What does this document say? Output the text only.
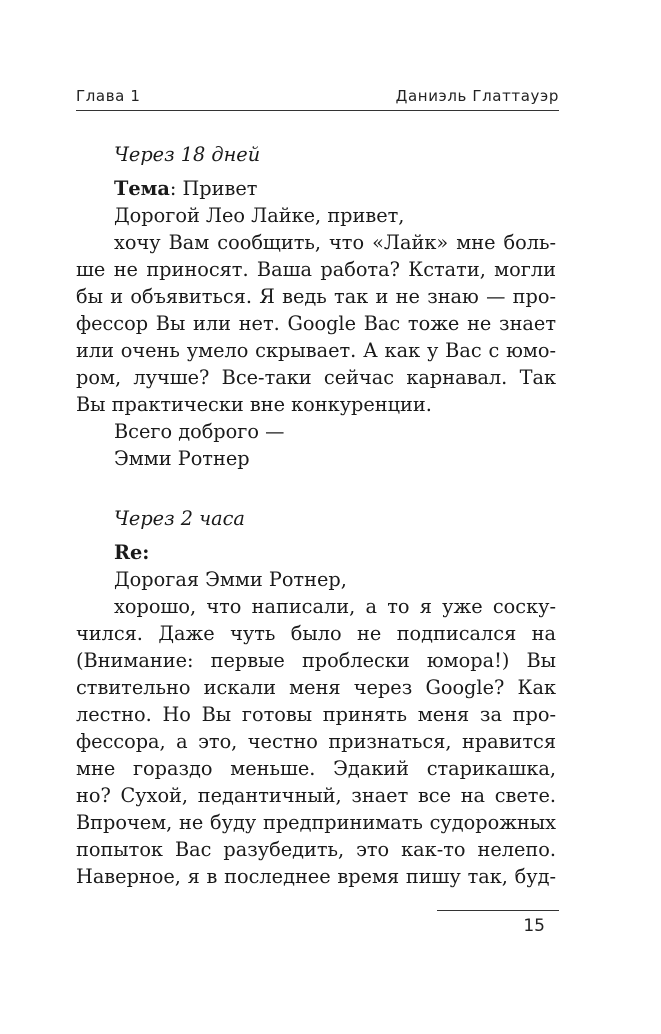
Глава 1	Даниэль Глаттауэр
Через 18 дней
Тема: Привет
Дорогой Лео Лайке, привет,
хочу Вам сообщить, что «Лайк» мне боль-
ше не приносят. Ваша работа? Кстати, могли
бы и объявиться. Я ведь так и не знаю — про-
фессор Вы или нет. Google Вас тоже не знает
или очень умело скрывает. А как у Вас с юмо-
ром, лучше? Все-таки сейчас карнавал. Так
Вы практически вне конкуренции.
Всего доброго —
Эмми Ротнер
Через 2 часа
Re:
Дорогая Эмми Ротнер,
хорошо, что написали, а то я уже соску-
чился. Даже чуть было не подписался на
(Внимание: первые проблески юмора!) Вы
ствительно искали меня через Google? Как
лестно. Но Вы готовы принять меня за про-
фессора, а это, честно признаться, нравится
мне гораздо меньше. Эдакий старикашка,
но? Сухой, педантичный, знает все на свете.
Впрочем, не буду предпринимать судорожных
попыток Вас разубедить, это как-то нелепо.
Наверное, я в последнее время пишу так, буд-
15
